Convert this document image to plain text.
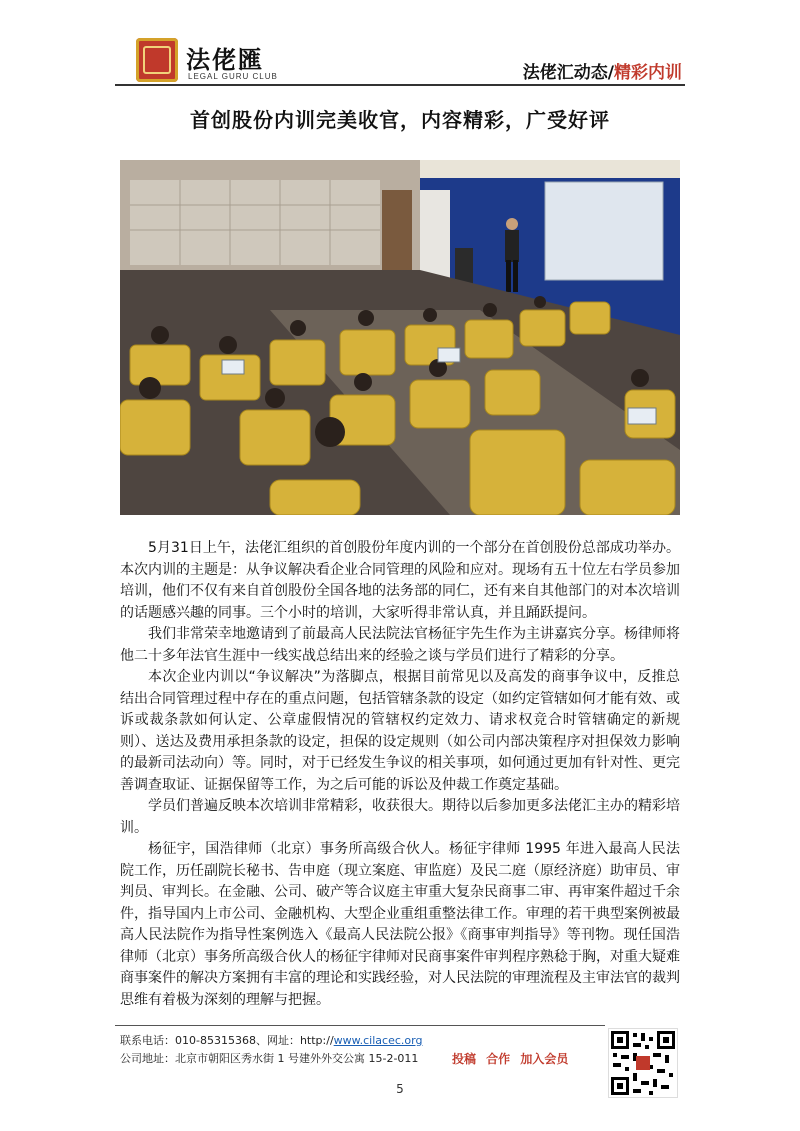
法佬匯
LEGAL GURU CLUB	法佬汇动态/精彩内训
首创股份内训完美收官，内容精彩，广受好评

5月31日上午，法佬汇组织的首创股份年度内训的一个部分在首创股份总部成功举办。本次内训的主题是：从争议解决看企业合同管理的风险和应对。现场有五十位左右学员参加培训，他们不仅有来自首创股份全国各地的法务部的同仁，还有来自其他部门的对本次培训的话题感兴趣的同事。三个小时的培训，大家听得非常认真，并且踊跃提问。

我们非常荣幸地邀请到了前最高人民法院法官杨征宇先生作为主讲嘉宾分享。杨律师将他二十多年法官生涯中一线实战总结出来的经验之谈与学员们进行了精彩的分享。

本次企业内训以“争议解决”为落脚点，根据目前常见以及高发的商事争议中，反推总结出合同管理过程中存在的重点问题，包括管辖条款的设定（如约定管辖如何才能有效、或诉或裁条款如何认定、公章虚假情况的管辖权约定效力、请求权竞合时管辖确定的新规则）、送达及费用承担条款的设定，担保的设定规则（如公司内部决策程序对担保效力影响的最新司法动向）等。同时，对于已经发生争议的相关事项，如何通过更加有针对性、更完善调查取证、证据保留等工作，为之后可能的诉讼及仲裁工作奠定基础。

学员们普遍反映本次培训非常精彩，收获很大。期待以后参加更多法佬汇主办的精彩培训。

杨征宇，国浩律师（北京）事务所高级合伙人。杨征宇律师 1995 年进入最高人民法院工作，历任副院长秘书、告申庭（现立案庭、审监庭）及民二庭（原经济庭）助审员、审判员、审判长。在金融、公司、破产等合议庭主审重大复杂民商事二审、再审案件超过千余件，指导国内上市公司、金融机构、大型企业重组重整法律工作。审理的若干典型案例被最高人民法院作为指导性案例选入《最高人民法院公报》《商事审判指导》等刊物。现任国浩律师（北京）事务所高级合伙人的杨征宇律师对民商事案件审判程序熟稔于胸，对重大疑难商事案件的解决方案拥有丰富的理论和实践经验，对人民法院的审理流程及主审法官的裁判思维有着极为深刻的理解与把握。

联系电话：010-85315368、网址：http://www.cilacec.org
公司地址：北京市朝阳区秀水街 1 号建外外交公寓 15-2-011	投稿 合作 加入会员
5
